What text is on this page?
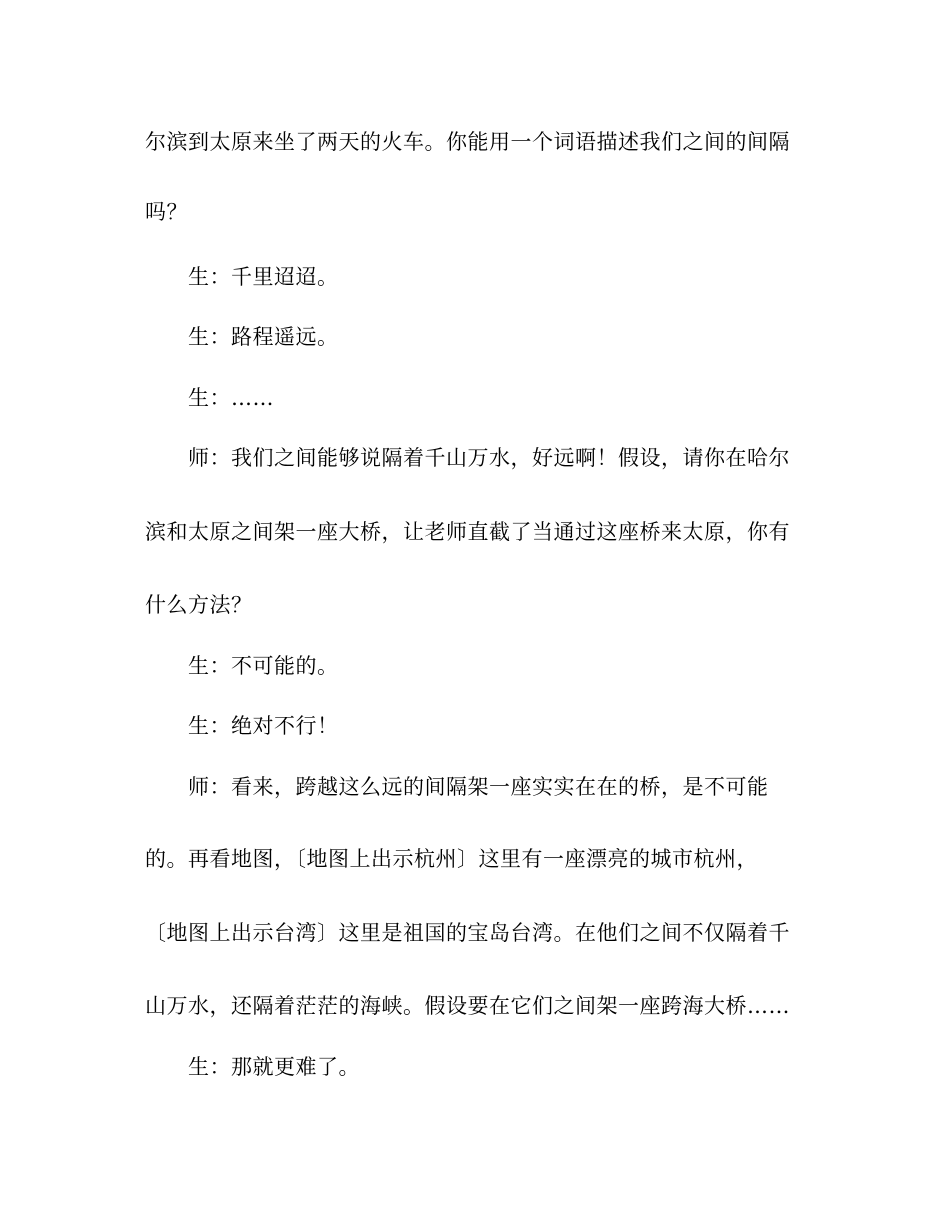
尔滨到太原来坐了两天的火车。你能用一个词语描述我们之间的间隔
吗？
生：千里迢迢。
生：路程遥远。
生：……
师：我们之间能够说隔着千山万水，好远啊！假设，请你在哈尔
滨和太原之间架一座大桥，让老师直截了当通过这座桥来太原，你有
什么方法？
生：不可能的。
生：绝对不行！
师：看来，跨越这么远的间隔架一座实实在在的桥，是不可能
的。再看地图，〔地图上出示杭州〕这里有一座漂亮的城市杭州，
〔地图上出示台湾〕这里是祖国的宝岛台湾。在他们之间不仅隔着千
山万水，还隔着茫茫的海峡。假设要在它们之间架一座跨海大桥……
生：那就更难了。
